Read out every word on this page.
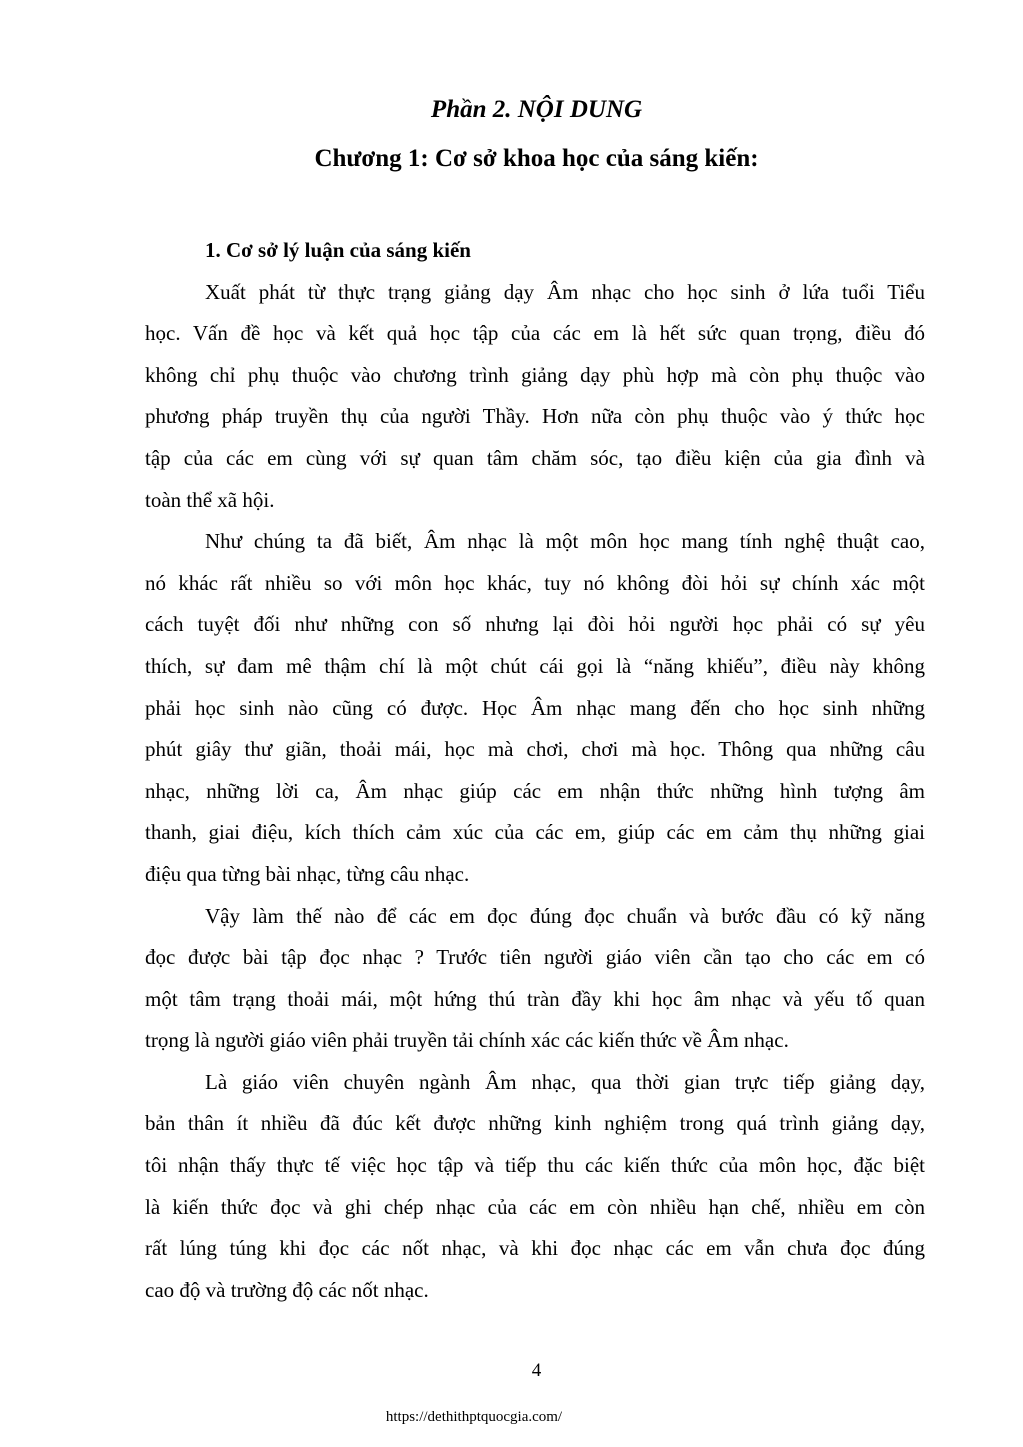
Phần 2. NỘI DUNG
Chương 1: Cơ sở khoa học của sáng kiến:
1. Cơ sở lý luận của sáng kiến

Xuất phát từ thực trạng giảng dạy Âm nhạc cho học sinh ở lứa tuổi Tiểu
học. Vấn đề học và kết quả học tập của các em là hết sức quan trọng, điều đó
không chỉ phụ thuộc vào chương trình giảng dạy phù hợp mà còn phụ thuộc vào
phương pháp truyền thụ của người Thầy. Hơn nữa còn phụ thuộc vào ý thức học
tập của các em cùng với sự quan tâm chăm sóc, tạo điều kiện của gia đình và
toàn thể xã hội.

Như chúng ta đã biết, Âm nhạc là một môn học mang tính nghệ thuật cao,
nó khác rất nhiều so với môn học khác, tuy nó không đòi hỏi sự chính xác một
cách tuyệt đối như những con số nhưng lại đòi hỏi người học phải có sự yêu
thích, sự đam mê thậm chí là một chút cái gọi là “năng khiếu”, điều này không
phải học sinh nào cũng có được. Học Âm nhạc mang đến cho học sinh những
phút giây thư giãn, thoải mái, học mà chơi, chơi mà học. Thông qua những câu
nhạc, những lời ca, Âm nhạc giúp các em nhận thức những hình tượng âm
thanh, giai điệu, kích thích cảm xúc của các em, giúp các em cảm thụ những giai
điệu qua từng bài nhạc, từng câu nhạc.

Vậy làm thế nào để các em đọc đúng đọc chuẩn và bước đầu có kỹ năng
đọc được bài tập đọc nhạc ? Trước tiên người giáo viên cần tạo cho các em có
một tâm trạng thoải mái, một hứng thú tràn đầy khi học âm nhạc và yếu tố quan
trọng là người giáo viên phải truyền tải chính xác các kiến thức về Âm nhạc.

Là giáo viên chuyên ngành Âm nhạc, qua thời gian trực tiếp giảng dạy,
bản thân ít nhiều đã đúc kết được những kinh nghiệm trong quá trình giảng dạy,
tôi nhận thấy thực tế việc học tập và tiếp thu các kiến thức của môn học, đặc biệt
là kiến thức đọc và ghi chép nhạc của các em còn nhiều hạn chế, nhiều em còn
rất lúng túng khi đọc các nốt nhạc, và khi đọc nhạc các em vẫn chưa đọc đúng
cao độ và trường độ các nốt nhạc.

4
https://dethithptquocgia.com/
